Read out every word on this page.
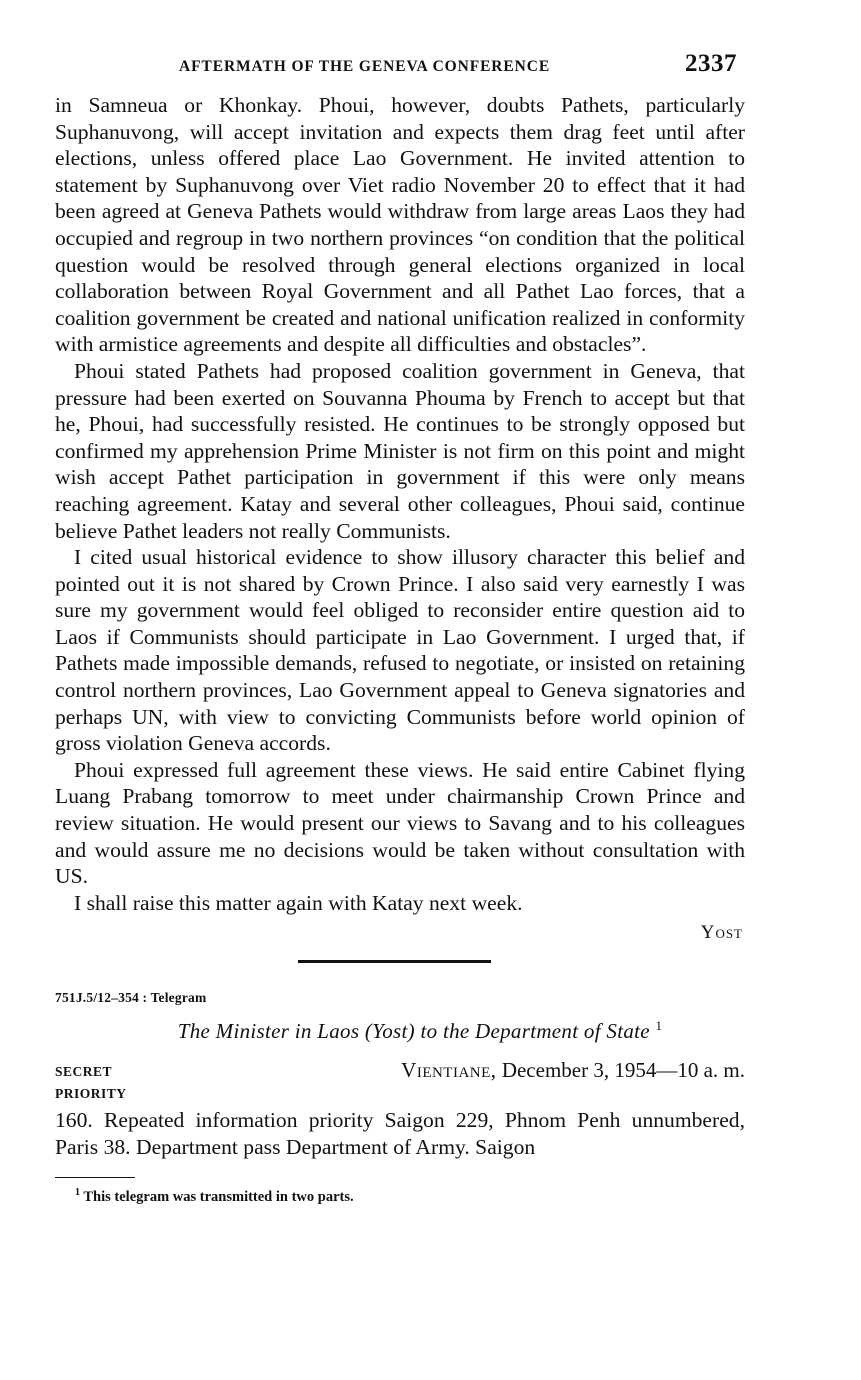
AFTERMATH OF THE GENEVA CONFERENCE	2337

in Samneua or Khonkay. Phoui, however, doubts Pathets, particularly Suphanuvong, will accept invitation and expects them drag feet until after elections, unless offered place Lao Government. He invited attention to statement by Suphanuvong over Viet radio November 20 to effect that it had been agreed at Geneva Pathets would withdraw from large areas Laos they had occupied and regroup in two northern provinces “on condition that the political question would be resolved through general elections organized in local collaboration between Royal Government and all Pathet Lao forces, that a coalition government be created and national unification realized in conformity with armistice agreements and despite all difficulties and obstacles”.

Phoui stated Pathets had proposed coalition government in Geneva, that pressure had been exerted on Souvanna Phouma by French to accept but that he, Phoui, had successfully resisted. He continues to be strongly opposed but confirmed my apprehension Prime Minister is not firm on this point and might wish accept Pathet participation in government if this were only means reaching agreement. Katay and several other colleagues, Phoui said, continue believe Pathet leaders not really Communists.

I cited usual historical evidence to show illusory character this belief and pointed out it is not shared by Crown Prince. I also said very earnestly I was sure my government would feel obliged to reconsider entire question aid to Laos if Communists should participate in Lao Government. I urged that, if Pathets made impossible demands, refused to negotiate, or insisted on retaining control northern provinces, Lao Government appeal to Geneva signatories and perhaps UN, with view to convicting Communists before world opinion of gross violation Geneva accords.

Phoui expressed full agreement these views. He said entire Cabinet flying Luang Prabang tomorrow to meet under chairmanship Crown Prince and review situation. He would present our views to Savang and to his colleagues and would assure me no decisions would be taken without consultation with US.

I shall raise this matter again with Katay next week.

Yost
751J.5/12–354 : Telegram
The Minister in Laos (Yost) to the Department of State $^1$
SECRET	Vientiane, December 3, 1954—10 a. m.
PRIORITY
160. Repeated information priority Saigon 229, Phnom Penh unnumbered, Paris 38. Department pass Department of Army. Saigon
$^1$ This telegram was transmitted in two parts.
